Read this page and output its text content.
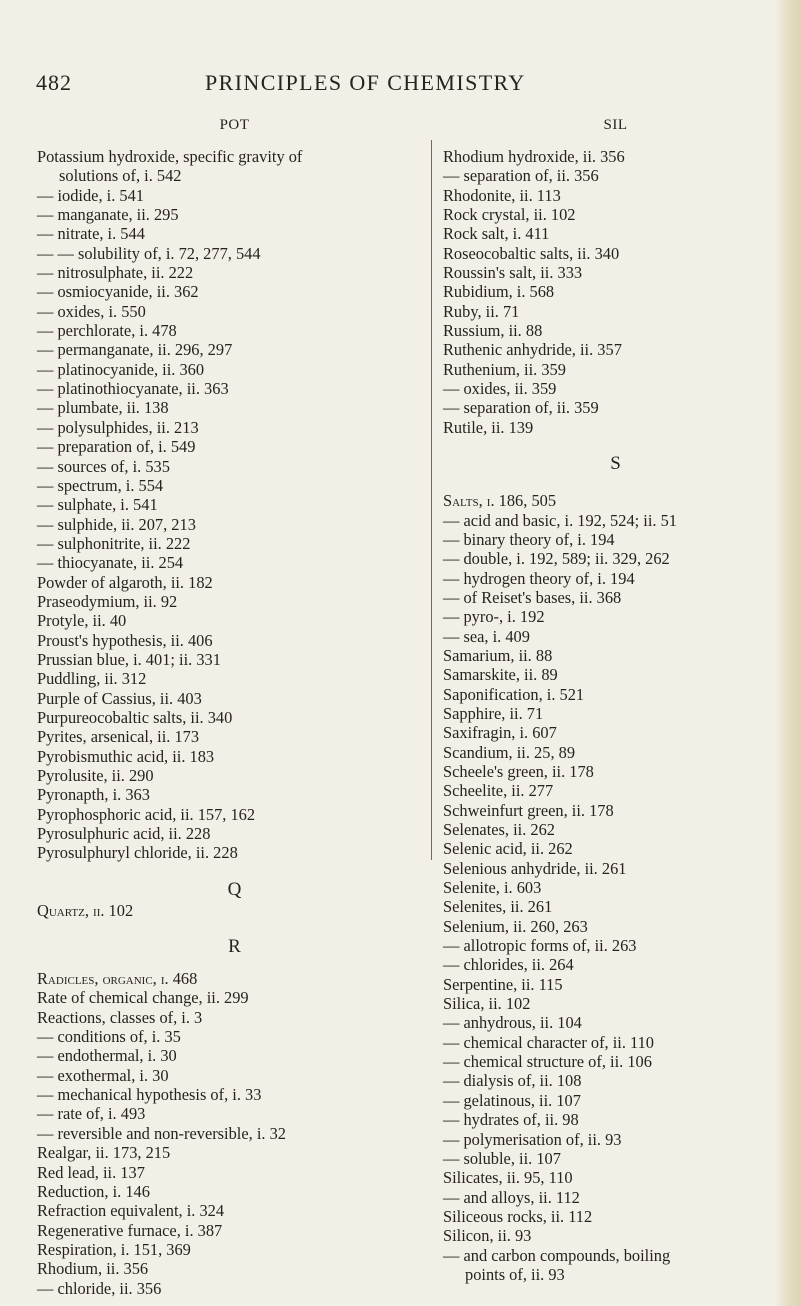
482	PRINCIPLES OF CHEMISTRY
POT
Potassium hydroxide, specific gravity of
solutions of, i. 542
— iodide, i. 541
— manganate, ii. 295
— nitrate, i. 544
— — solubility of, i. 72, 277, 544
— nitrosulphate, ii. 222
— osmiocyanide, ii. 362
— oxides, i. 550
— perchlorate, i. 478
— permanganate, ii. 296, 297
— platinocyanide, ii. 360
— platinothiocyanate, ii. 363
— plumbate, ii. 138
— polysulphides, ii. 213
— preparation of, i. 549
— sources of, i. 535
— spectrum, i. 554
— sulphate, i. 541
— sulphide, ii. 207, 213
— sulphonitrite, ii. 222
— thiocyanate, ii. 254
Powder of algaroth, ii. 182
Praseodymium, ii. 92
Protyle, ii. 40
Proust's hypothesis, ii. 406
Prussian blue, i. 401; ii. 331
Puddling, ii. 312
Purple of Cassius, ii. 403
Purpureocobaltic salts, ii. 340
Pyrites, arsenical, ii. 173
Pyrobismuthic acid, ii. 183
Pyrolusite, ii. 290
Pyronapth, i. 363
Pyrophosphoric acid, ii. 157, 162
Pyrosulphuric acid, ii. 228
Pyrosulphuryl chloride, ii. 228
Q
Quartz, ii. 102
R
Radicles, organic, i. 468
Rate of chemical change, ii. 299
Reactions, classes of, i. 3
— conditions of, i. 35
— endothermal, i. 30
— exothermal, i. 30
— mechanical hypothesis of, i. 33
— rate of, i. 493
— reversible and non-reversible, i. 32
Realgar, ii. 173, 215
Red lead, ii. 137
Reduction, i. 146
Refraction equivalent, i. 324
Regenerative furnace, i. 387
Respiration, i. 151, 369
Rhodium, ii. 356
— chloride, ii. 356
SIL
Rhodium hydroxide, ii. 356
— separation of, ii. 356
Rhodonite, ii. 113
Rock crystal, ii. 102
Rock salt, i. 411
Roseocobaltic salts, ii. 340
Roussin's salt, ii. 333
Rubidium, i. 568
Ruby, ii. 71
Russium, ii. 88
Ruthenic anhydride, ii. 357
Ruthenium, ii. 359
— oxides, ii. 359
— separation of, ii. 359
Rutile, ii. 139
S
Salts, i. 186, 505
— acid and basic, i. 192, 524; ii. 51
— binary theory of, i. 194
— double, i. 192, 589; ii. 329, 262
— hydrogen theory of, i. 194
— of Reiset's bases, ii. 368
— pyro-, i. 192
— sea, i. 409
Samarium, ii. 88
Samarskite, ii. 89
Saponification, i. 521
Sapphire, ii. 71
Saxifragin, i. 607
Scandium, ii. 25, 89
Scheele's green, ii. 178
Scheelite, ii. 277
Schweinfurt green, ii. 178
Selenates, ii. 262
Selenic acid, ii. 262
Selenious anhydride, ii. 261
Selenite, i. 603
Selenites, ii. 261
Selenium, ii. 260, 263
— allotropic forms of, ii. 263
— chlorides, ii. 264
Serpentine, ii. 115
Silica, ii. 102
— anhydrous, ii. 104
— chemical character of, ii. 110
— chemical structure of, ii. 106
— dialysis of, ii. 108
— gelatinous, ii. 107
— hydrates of, ii. 98
— polymerisation of, ii. 93
— soluble, ii. 107
Silicates, ii. 95, 110
— and alloys, ii. 112
Siliceous rocks, ii. 112
Silicon, ii. 93
— and carbon compounds, boiling
points of, ii. 93
